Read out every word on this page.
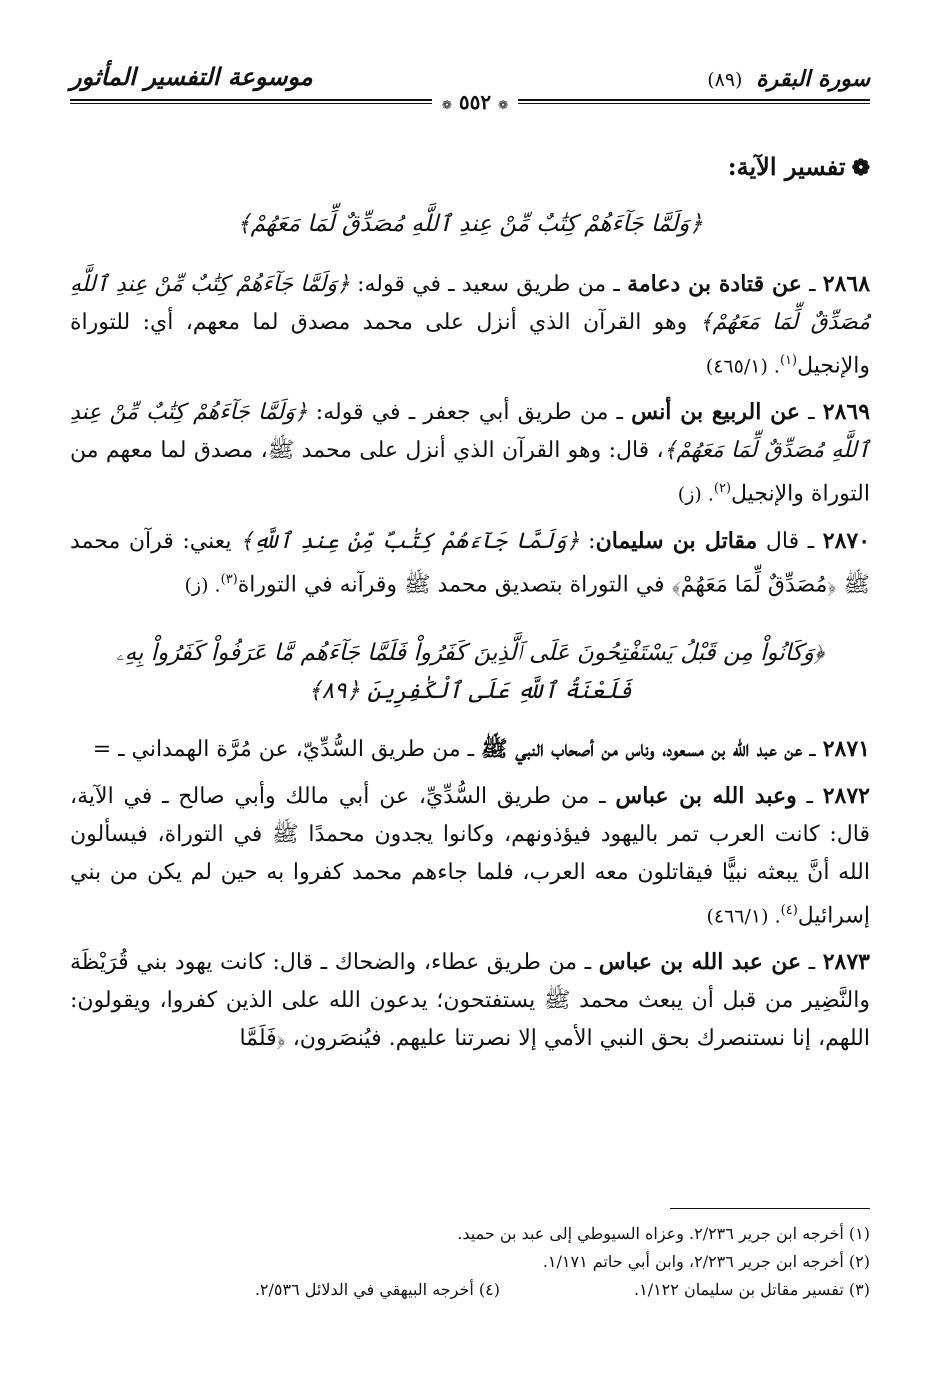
سورة البقرة (٨٩)
موسوعة التفسير المأثور
❁ ٥٥٢ ❁
❁تفسير الآية:
﴿وَلَمَّا جَآءَهُمْ كِتَٰبٌ مِّنْ عِندِ ٱللَّهِ مُصَدِّقٌ لِّمَا مَعَهُمْ﴾
٢٨٦٨ ـ عن قتادة بن دعامة ـ من طريق سعيد ـ في قوله: ﴿وَلَمَّا جَآءَهُمْ كِتَٰبٌ مِّنْ عِندِ ٱللَّهِ مُصَدِّقٌ لِّمَا مَعَهُمْ﴾ وهو القرآن الذي أنزل على محمد مصدق لما معهم، أي: للتوراة والإنجيل$^{(١)}$. (٤٦٥/١)
٢٨٦٩ ـ عن الربيع بن أنس ـ من طريق أبي جعفر ـ في قوله: ﴿وَلَمَّا جَآءَهُمْ كِتَٰبٌ مِّنْ عِندِ ٱللَّهِ مُصَدِّقٌ لِّمَا مَعَهُمْ﴾، قال: وهو القرآن الذي أنزل على محمد ﷺ، مصدق لما معهم من التوراة والإنجيل$^{(٢)}$. (ز)
٢٨٧٠ ـ قال مقاتل بن سليمان: ﴿وَلَمَّا جَآءَهُمْ كِتَٰبٌ مِّنْ عِندِ ٱللَّهِ﴾ يعني: قرآن محمد ﷺ ﴿مُصَدِّقٌ لِّمَا مَعَهُمْ﴾ في التوراة بتصديق محمد ﷺ وقرآنه في التوراة$^{(٣)}$. (ز)
﴿وَكَانُواْ مِن قَبْلُ يَسْتَفْتِحُونَ عَلَى ٱلَّذِينَ كَفَرُواْ فَلَمَّا جَآءَهُم مَّا عَرَفُواْ كَفَرُواْ بِهِۦ
فَلَعْنَةُ ٱللَّهِ عَلَى ٱلْكَٰفِرِينَ ﴿٨٩﴾
٢٨٧١ ـ عن عبد الله بن مسعود، وناس من أصحاب النبي ﷺ ـ من طريق السُّدِّيّ، عن مُرَّة الهمداني ـ =
٢٨٧٢ ـ وعبد الله بن عباس ـ من طريق السُّدِّيِّ، عن أبي مالك وأبي صالح ـ في الآية، قال: كانت العرب تمر باليهود فيؤذونهم، وكانوا يجدون محمدًا ﷺ في التوراة، فيسألون الله أنَّ يبعثه نبيًّا فيقاتلون معه العرب، فلما جاءهم محمد كفروا به حين لم يكن من بني إسرائيل$^{(٤)}$. (٤٦٦/١)
٢٨٧٣ ـ عن عبد الله بن عباس ـ من طريق عطاء، والضحاك ـ قال: كانت يهود بني قُرَيْظَة والنَّضِير من قبل أن يبعث محمد ﷺ يستفتحون؛ يدعون الله على الذين كفروا، ويقولون: اللهم، إنا نستنصرك بحق النبي الأمي إلا نصرتنا عليهم. فيُنصَرون، ﴿فَلَمَّا
(١) أخرجه ابن جرير ٢/٢٣٦. وعزاه السيوطي إلى عبد بن حميد.
(٢) أخرجه ابن جرير ٢/٢٣٦، وابن أبي حاتم ١/١٧١.
(٣) تفسير مقاتل بن سليمان ١/١٢٢.
(٤) أخرجه البيهقي في الدلائل ٢/٥٣٦.
